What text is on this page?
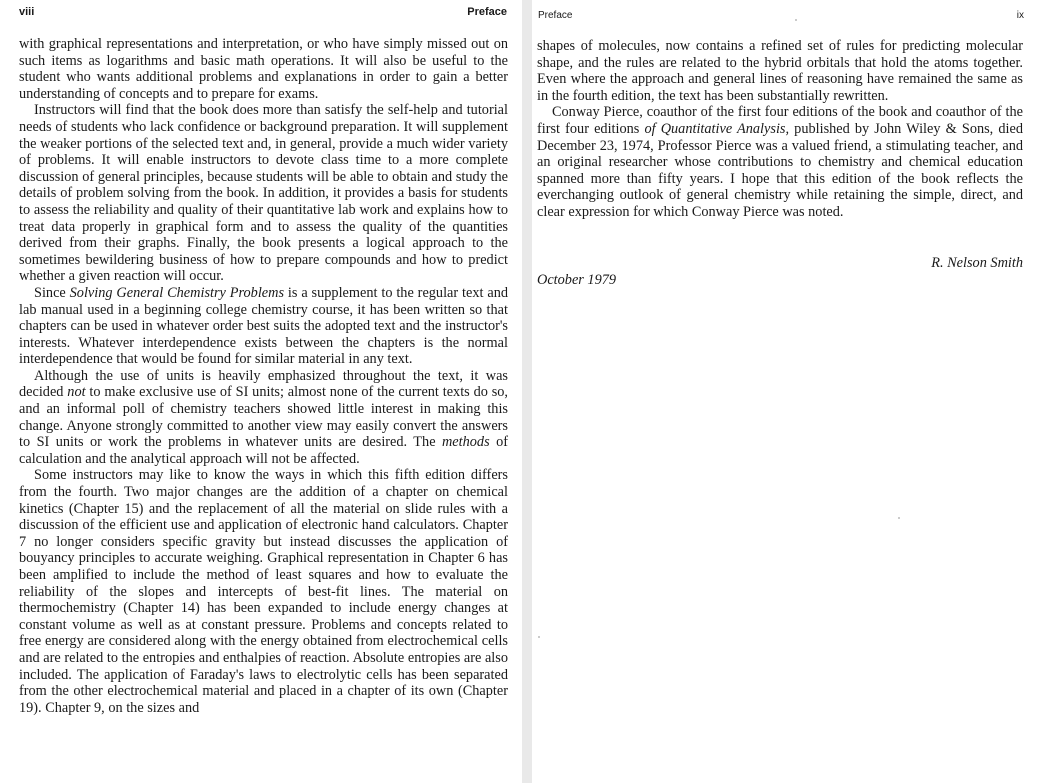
viii	Preface

with graphical representations and interpretation, or who have simply missed out on such items as logarithms and basic math operations. It will also be useful to the student who wants additional problems and explanations in order to gain a better understanding of concepts and to prepare for exams.

Instructors will find that the book does more than satisfy the self-help and tutorial needs of students who lack confidence or background preparation. It will supplement the weaker portions of the selected text and, in general, provide a much wider variety of problems. It will enable instructors to devote class time to a more complete discussion of general principles, because students will be able to obtain and study the details of problem solving from the book. In addition, it provides a basis for students to assess the reliability and quality of their quantitative lab work and explains how to treat data properly in graphical form and to assess the quality of the quantities derived from their graphs. Finally, the book presents a logical approach to the sometimes bewildering business of how to prepare compounds and how to predict whether a given reaction will occur.

Since Solving General Chemistry Problems is a supplement to the regular text and lab manual used in a beginning college chemistry course, it has been written so that chapters can be used in whatever order best suits the adopted text and the instructor's interests. Whatever interdependence exists between the chapters is the normal interdependence that would be found for similar material in any text.

Although the use of units is heavily emphasized throughout the text, it was decided not to make exclusive use of SI units; almost none of the current texts do so, and an informal poll of chemistry teachers showed little interest in making this change. Anyone strongly committed to another view may easily convert the answers to SI units or work the problems in whatever units are desired. The methods of calculation and the analytical approach will not be affected.

Some instructors may like to know the ways in which this fifth edition differs from the fourth. Two major changes are the addition of a chapter on chemical kinetics (Chapter 15) and the replacement of all the material on slide rules with a discussion of the efficient use and application of electronic hand calculators. Chapter 7 no longer considers specific gravity but instead discusses the application of bouyancy principles to accurate weighing. Graphical representation in Chapter 6 has been amplified to include the method of least squares and how to evaluate the reliability of the slopes and intercepts of best-fit lines. The material on thermochemistry (Chapter 14) has been expanded to include energy changes at constant volume as well as at constant pressure. Problems and concepts related to free energy are considered along with the energy obtained from electrochemical cells and are related to the entropies and enthalpies of reaction. Absolute entropies are also included. The application of Faraday's laws to electrolytic cells has been separated from the other electrochemical material and placed in a chapter of its own (Chapter 19). Chapter 9, on the sizes and

Preface	ix

shapes of molecules, now contains a refined set of rules for predicting molecular shape, and the rules are related to the hybrid orbitals that hold the atoms together. Even where the approach and general lines of reasoning have remained the same as in the fourth edition, the text has been substantially rewritten.

Conway Pierce, coauthor of the first four editions of the book and coauthor of the first four editions of Quantitative Analysis, published by John Wiley & Sons, died December 23, 1974, Professor Pierce was a valued friend, a stimulating teacher, and an original researcher whose contributions to chemistry and chemical education spanned more than fifty years. I hope that this edition of the book reflects the everchanging outlook of general chemistry while retaining the simple, direct, and clear expression for which Conway Pierce was noted.

R. Nelson Smith
October 1979
